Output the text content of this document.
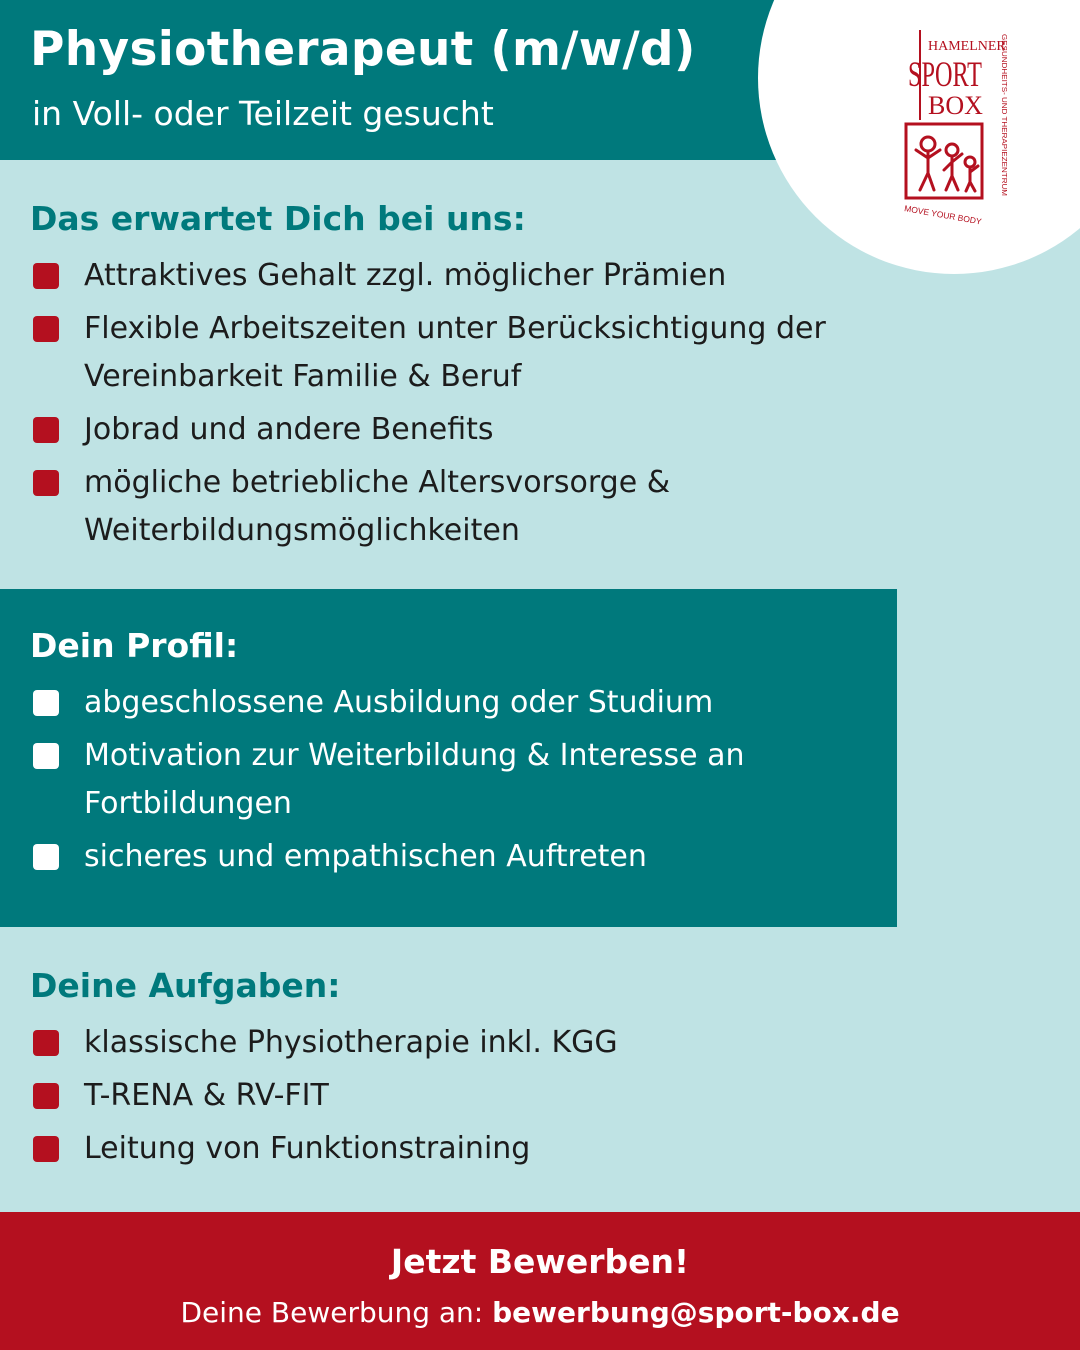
Physiotherapeut (m/w/d)

in Voll- oder Teilzeit gesucht

HAMELNER
SPORT
BOX
MOVE YOUR BODY
GESUNDHEITS- UND THERAPIEZENTRUM
Das erwartet Dich bei uns:
Attraktives Gehalt zzgl. möglicher Prämien
Flexible Arbeitszeiten unter Berücksichtigung der Vereinbarkeit Familie & Beruf
Jobrad und andere Benefits
mögliche betriebliche Altersvorsorge & Weiterbildungsmöglichkeiten
Dein Profil:
abgeschlossene Ausbildung oder Studium
Motivation zur Weiterbildung & Interesse an Fortbildungen
sicheres und empathischen Auftreten
Deine Aufgaben:
klassische Physiotherapie inkl. KGG
T-RENA & RV-FIT
Leitung von Funktionstraining

Jetzt Bewerben!

Deine Bewerbung an: bewerbung@sport-box.de
